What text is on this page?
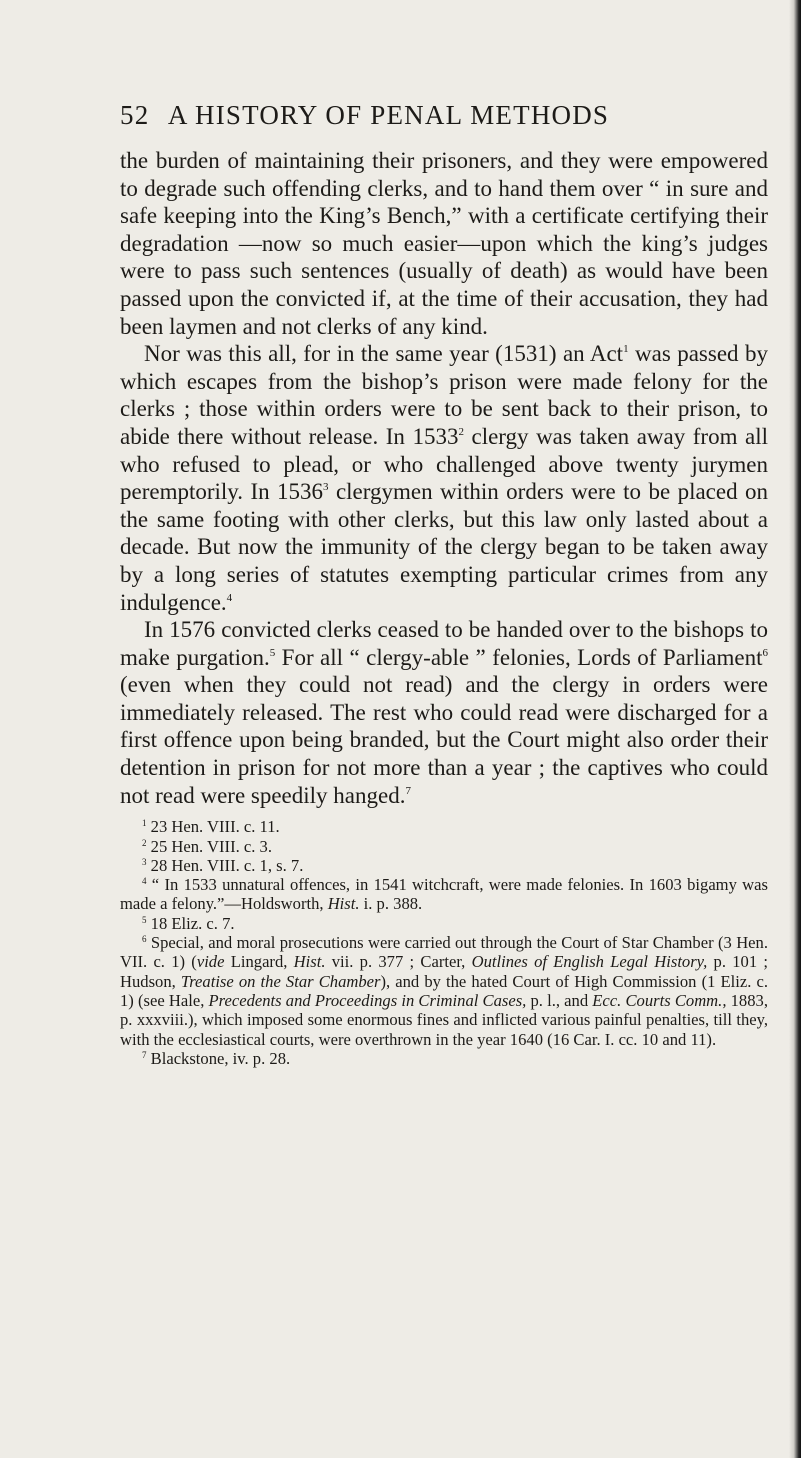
52 A HISTORY OF PENAL METHODS

the burden of maintaining their prisoners, and they were empowered to degrade such offending clerks, and to hand them over “ in sure and safe keeping into the King’s Bench,” with a certificate certifying their degradation —now so much easier—upon which the king’s judges were to pass such sentences (usually of death) as would have been passed upon the convicted if, at the time of their accusation, they had been laymen and not clerks of any kind.

Nor was this all, for in the same year (1531) an Act$^1$ was passed by which escapes from the bishop’s prison were made felony for the clerks ; those within orders were to be sent back to their prison, to abide there without release. In 1533$^2$ clergy was taken away from all who refused to plead, or who challenged above twenty jurymen peremptorily. In 1536$^3$ clergymen within orders were to be placed on the same footing with other clerks, but this law only lasted about a decade. But now the immunity of the clergy began to be taken away by a long series of statutes exempting particular crimes from any indulgence.$^4$

In 1576 convicted clerks ceased to be handed over to the bishops to make purgation.$^5$ For all “ clergy-able ” felonies, Lords of Parliament$^6$ (even when they could not read) and the clergy in orders were immediately released. The rest who could read were discharged for a first offence upon being branded, but the Court might also order their detention in prison for not more than a year ; the captives who could not read were speedily hanged.$^7$

$^1$ 23 Hen. VIII. c. 11.

$^2$ 25 Hen. VIII. c. 3.

$^3$ 28 Hen. VIII. c. 1, s. 7.

$^4$ “ In 1533 unnatural offences, in 1541 witchcraft, were made felonies. In 1603 bigamy was made a felony.”—Holdsworth, Hist. i. p. 388.

$^5$ 18 Eliz. c. 7.

$^6$ Special, and moral prosecutions were carried out through the Court of Star Chamber (3 Hen. VII. c. 1) (vide Lingard, Hist. vii. p. 377 ; Carter, Outlines of English Legal History, p. 101 ; Hudson, Treatise on the Star Chamber), and by the hated Court of High Commission (1 Eliz. c. 1) (see Hale, Precedents and Proceedings in Criminal Cases, p. l., and Ecc. Courts Comm., 1883, p. xxxviii.), which imposed some enormous fines and inflicted various painful penalties, till they, with the ecclesiastical courts, were overthrown in the year 1640 (16 Car. I. cc. 10 and 11).

$^7$ Blackstone, iv. p. 28.
